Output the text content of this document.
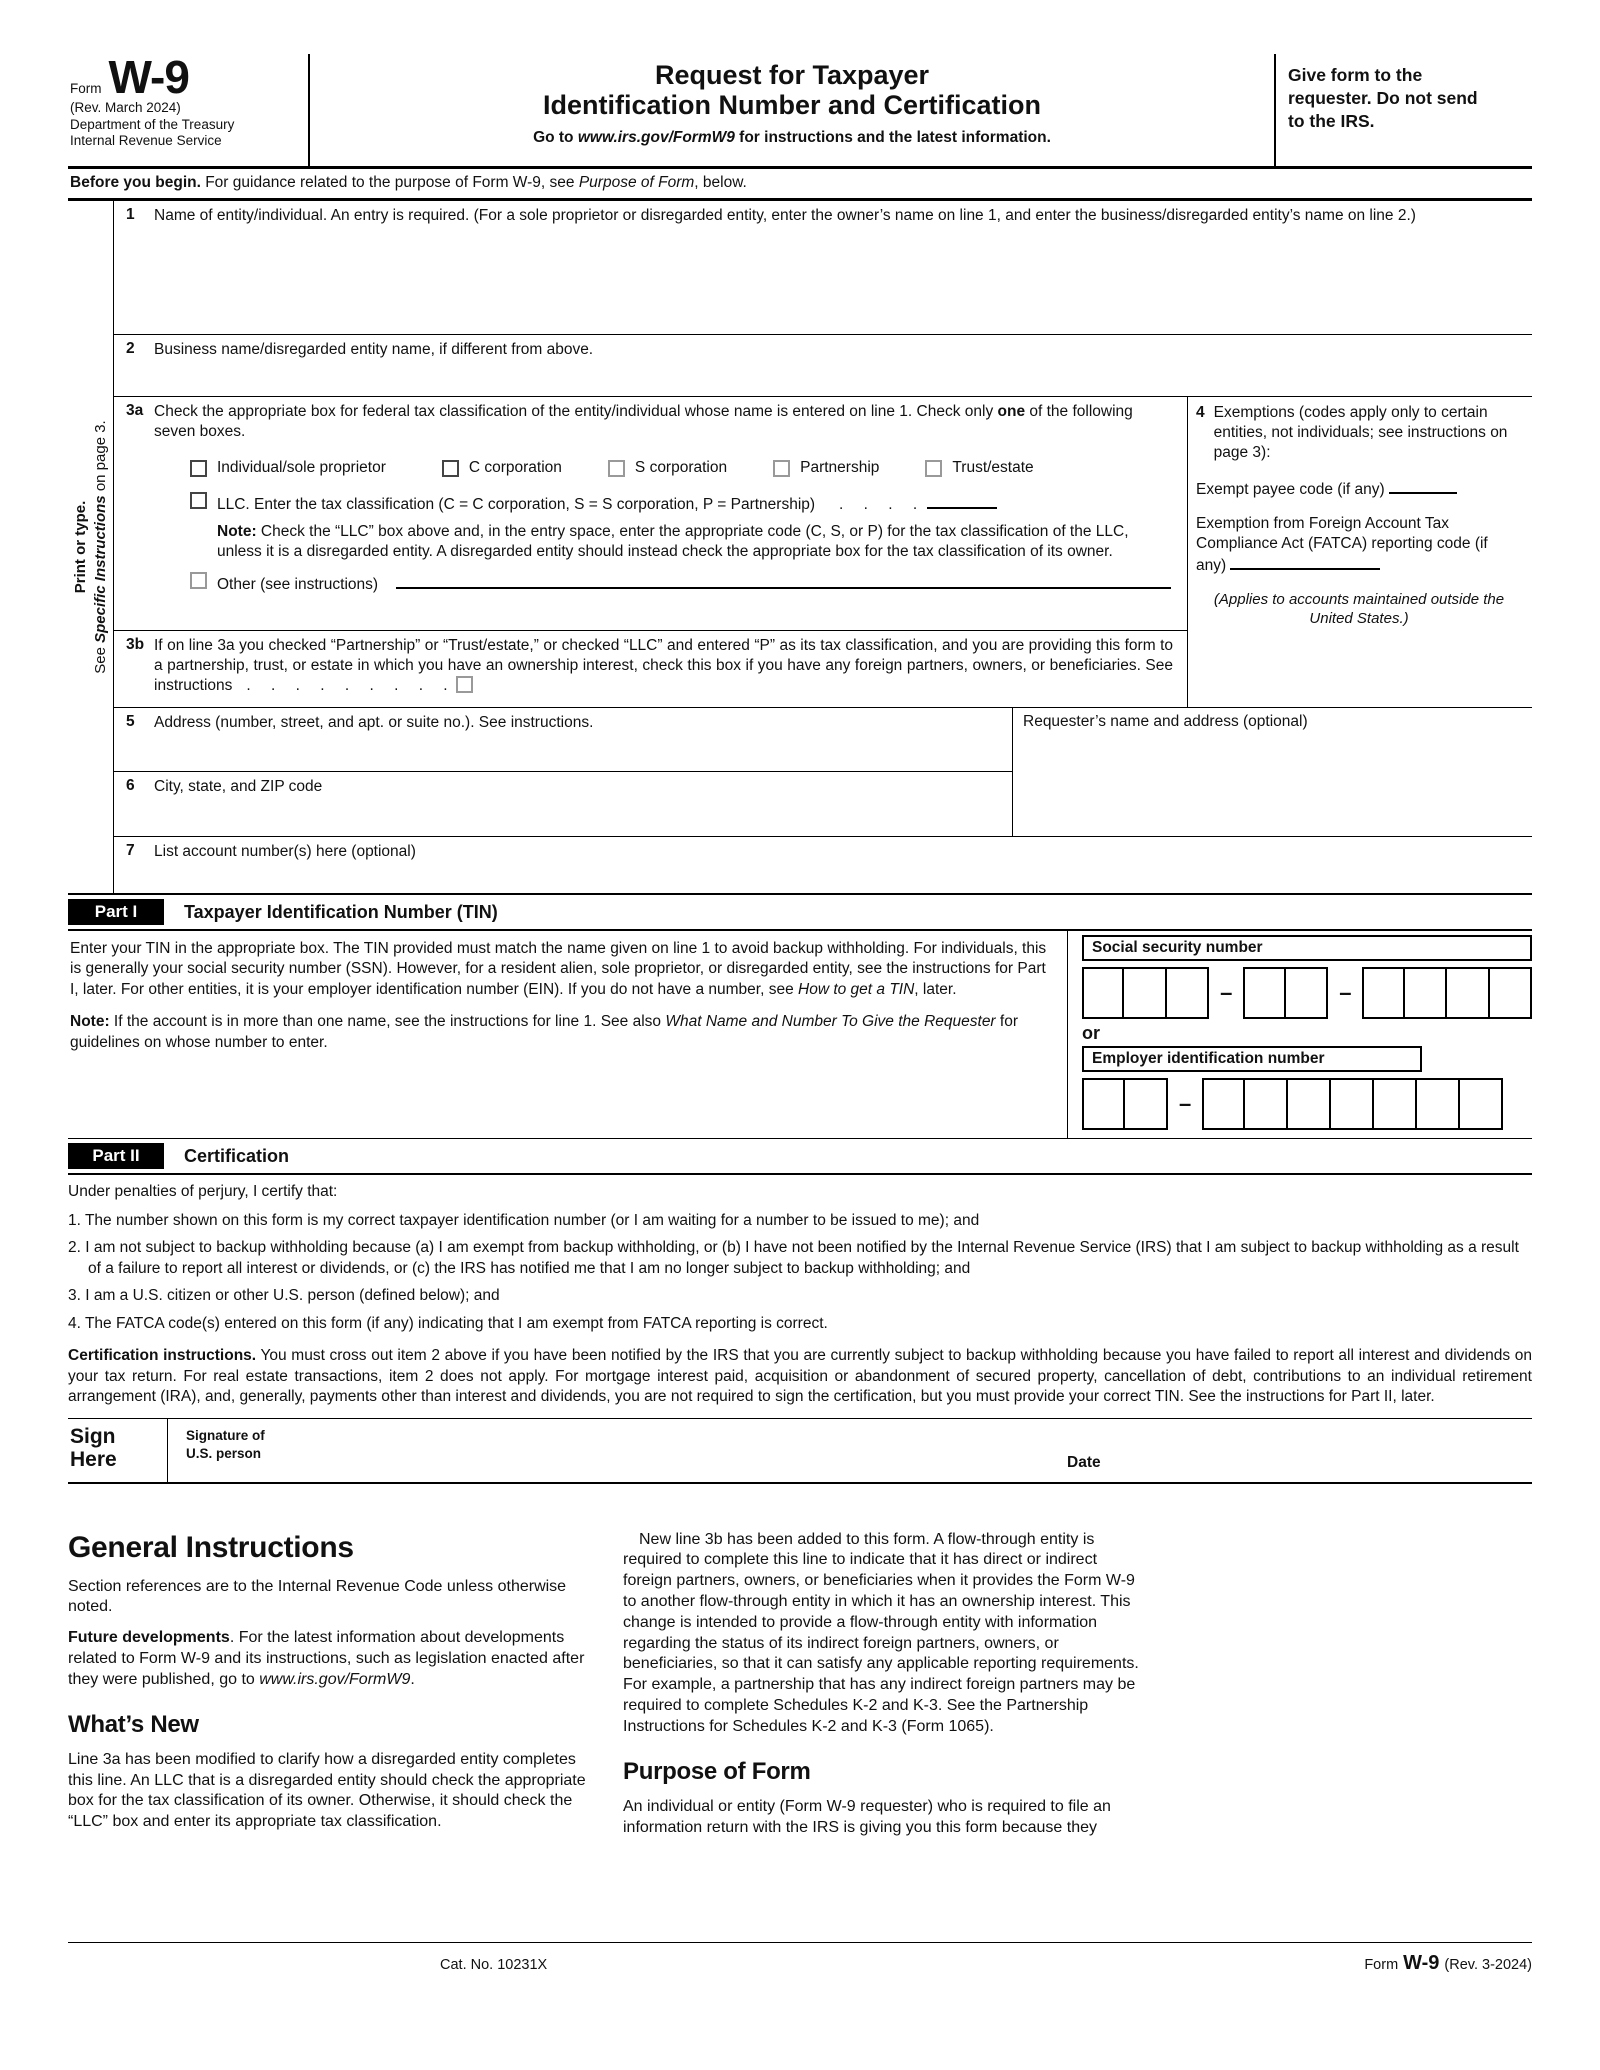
Form W-9
(Rev. March 2024)
Department of the Treasury
Internal Revenue Service
Request for Taxpayer
Identification Number and Certification
Go to www.irs.gov/FormW9 for instructions and the latest information.
Give form to the requester. Do not send to the IRS.
Before you begin. For guidance related to the purpose of Form W-9, see Purpose of Form, below.
Print or type.
See Specific Instructions on page 3.
1	Name of entity/individual. An entry is required. (For a sole proprietor or disregarded entity, enter the owner’s name on line 1, and enter the business/disregarded entity’s name on line 2.)
2	Business name/disregarded entity name, if different from above.
3a Check the appropriate box for federal tax classification of the entity/individual whose name is entered on line 1. Check only one of the following seven boxes.
Individual/sole proprietor	C corporation	S corporation	Partnership	Trust/estate
LLC. Enter the tax classification (C = C corporation, S = S corporation, P = Partnership) . . . .
Note: Check the “LLC” box above and, in the entry space, enter the appropriate code (C, S, or P) for the tax classification of the LLC, unless it is a disregarded entity. A disregarded entity should instead check the appropriate box for the tax classification of its owner.
Other (see instructions)
3b If on line 3a you checked “Partnership” or “Trust/estate,” or checked “LLC” and entered “P” as its tax classification, and you are providing this form to a partnership, trust, or estate in which you have an ownership interest, check this box if you have any foreign partners, owners, or beneficiaries. See instructions . . . . . . . . .
4 Exemptions (codes apply only to certain entities, not individuals; see instructions on page 3):
Exempt payee code (if any)
Exemption from Foreign Account Tax Compliance Act (FATCA) reporting code (if any)
(Applies to accounts maintained outside the United States.)
5	Address (number, street, and apt. or suite no.). See instructions.
6	City, state, and ZIP code
Requester’s name and address (optional)
7	List account number(s) here (optional)
Part I	Taxpayer Identification Number (TIN)

Enter your TIN in the appropriate box. The TIN provided must match the name given on line 1 to avoid backup withholding. For individuals, this is generally your social security number (SSN). However, for a resident alien, sole proprietor, or disregarded entity, see the instructions for Part I, later. For other entities, it is your employer identification number (EIN). If you do not have a number, see How to get a TIN, later.

Note: If the account is in more than one name, see the instructions for line 1. See also What Name and Number To Give the Requester for guidelines on whose number to enter.

Social security number
–	–
or
Employer identification number
–
Part II	Certification
Under penalties of perjury, I certify that:
1. The number shown on this form is my correct taxpayer identification number (or I am waiting for a number to be issued to me); and
2. I am not subject to backup withholding because (a) I am exempt from backup withholding, or (b) I have not been notified by the Internal Revenue Service (IRS) that I am subject to backup withholding as a result of a failure to report all interest or dividends, or (c) the IRS has notified me that I am no longer subject to backup withholding; and
3. I am a U.S. citizen or other U.S. person (defined below); and
4. The FATCA code(s) entered on this form (if any) indicating that I am exempt from FATCA reporting is correct.
Certification instructions. You must cross out item 2 above if you have been notified by the IRS that you are currently subject to backup withholding because you have failed to report all interest and dividends on your tax return. For real estate transactions, item 2 does not apply. For mortgage interest paid, acquisition or abandonment of secured property, cancellation of debt, contributions to an individual retirement arrangement (IRA), and, generally, payments other than interest and dividends, you are not required to sign the certification, but you must provide your correct TIN. See the instructions for Part II, later.
Sign
Here
Signature of
U.S. person
Date
General Instructions
Section references are to the Internal Revenue Code unless otherwise noted.
Future developments. For the latest information about developments related to Form W-9 and its instructions, such as legislation enacted after they were published, go to www.irs.gov/FormW9.
What’s New
Line 3a has been modified to clarify how a disregarded entity completes this line. An LLC that is a disregarded entity should check the appropriate box for the tax classification of its owner. Otherwise, it should check the “LLC” box and enter its appropriate tax classification.
New line 3b has been added to this form. A flow-through entity is required to complete this line to indicate that it has direct or indirect foreign partners, owners, or beneficiaries when it provides the Form W-9 to another flow-through entity in which it has an ownership interest. This change is intended to provide a flow-through entity with information regarding the status of its indirect foreign partners, owners, or beneficiaries, so that it can satisfy any applicable reporting requirements. For example, a partnership that has any indirect foreign partners may be required to complete Schedules K-2 and K-3. See the Partnership Instructions for Schedules K-2 and K-3 (Form 1065).
Purpose of Form
An individual or entity (Form W-9 requester) who is required to file an information return with the IRS is giving you this form because they
Cat. No. 10231X	Form W-9 (Rev. 3-2024)
